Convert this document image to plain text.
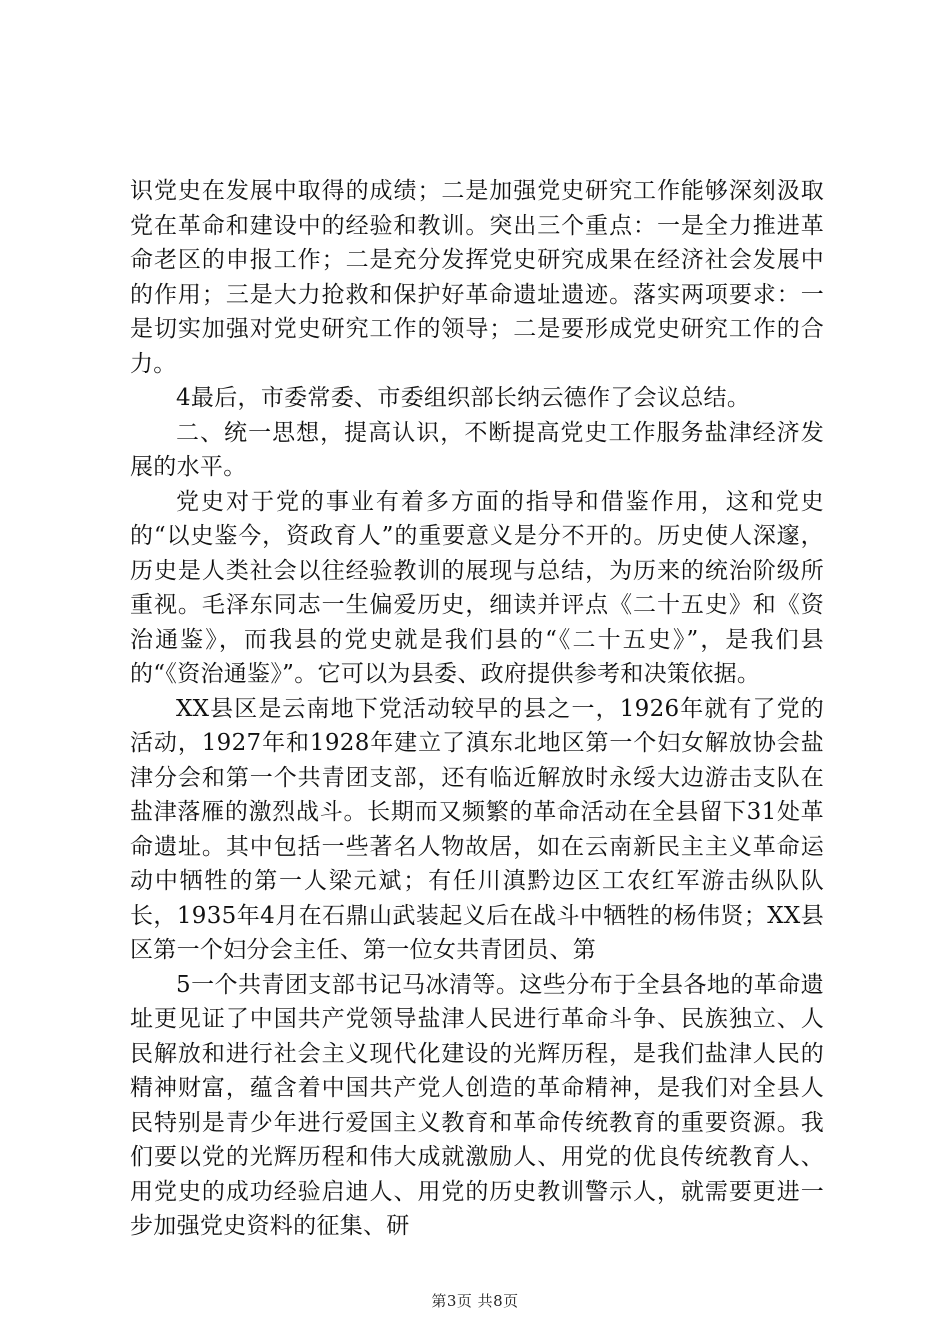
识党史在发展中取得的成绩；二是加强党史研究工作能够深刻汲取党在革命和建设中的经验和教训。突出三个重点：一是全力推进革命老区的申报工作；二是充分发挥党史研究成果在经济社会发展中的作用；三是大力抢救和保护好革命遗址遗迹。落实两项要求：一是切实加强对党史研究工作的领导；二是要形成党史研究工作的合力。

4最后，市委常委、市委组织部长纳云德作了会议总结。

二、统一思想，提高认识，不断提高党史工作服务盐津经济发展的水平。

党史对于党的事业有着多方面的指导和借鉴作用，这和党史的“以史鉴今，资政育人”的重要意义是分不开的。历史使人深邃，历史是人类社会以往经验教训的展现与总结，为历来的统治阶级所重视。毛泽东同志一生偏爱历史，细读并评点《二十五史》和《资治通鉴》，而我县的党史就是我们县的“《二十五史》”，是我们县的“《资治通鉴》”。它可以为县委、政府提供参考和决策依据。

XX县区是云南地下党活动较早的县之一，1926年就有了党的活动，1927年和1928年建立了滇东北地区第一个妇女解放协会盐津分会和第一个共青团支部，还有临近解放时永绥大边游击支队在盐津落雁的激烈战斗。长期而又频繁的革命活动在全县留下31处革命遗址。其中包括一些著名人物故居，如在云南新民主主义革命运动中牺牲的第一人梁元斌；有任川滇黔边区工农红军游击纵队队长，1935年4月在石鼎山武装起义后在战斗中牺牲的杨伟贤；XX县区第一个妇分会主任、第一位女共青团员、第

5一个共青团支部书记马冰清等。这些分布于全县各地的革命遗址更见证了中国共产党领导盐津人民进行革命斗争、民族独立、人民解放和进行社会主义现代化建设的光辉历程，是我们盐津人民的精神财富，蕴含着中国共产党人创造的革命精神，是我们对全县人民特别是青少年进行爱国主义教育和革命传统教育的重要资源。我们要以党的光辉历程和伟大成就激励人、用党的优良传统教育人、用党史的成功经验启迪人、用党的历史教训警示人，就需要更进一步加强党史资料的征集、研

第3页 共8页
